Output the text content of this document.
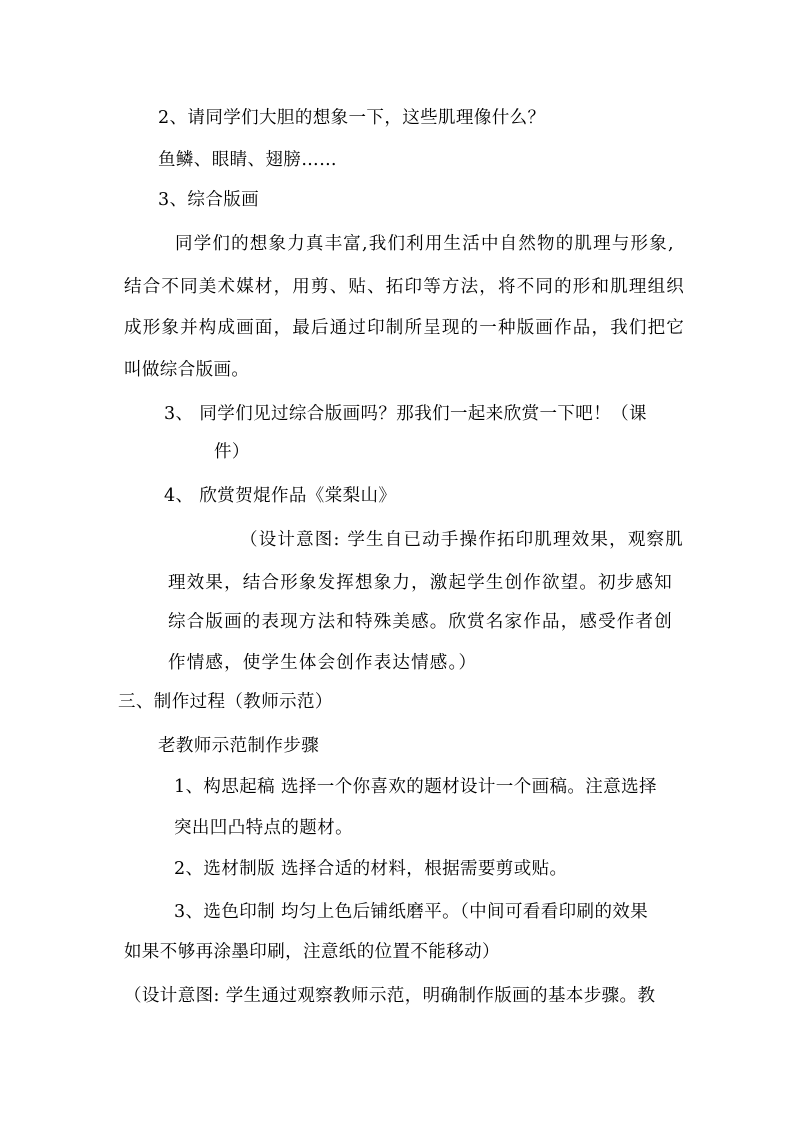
2、请同学们大胆的想象一下，这些肌理像什么？
鱼鳞、眼睛、翅膀……
3、综合版画
同学们的想象力真丰富,我们利用生活中自然物的肌理与形象,
结合不同美术媒材，用剪、贴、拓印等方法，将不同的形和肌理组织
成形象并构成画面，最后通过印制所呈现的一种版画作品，我们把它
叫做综合版画。
3、 同学们见过综合版画吗？那我们一起来欣赏一下吧！（课
件）
4、 欣赏贺焜作品《棠梨山》
（设计意图: 学生自已动手操作拓印肌理效果，观察肌
理效果，结合形象发挥想象力，激起学生创作欲望。初步感知
综合版画的表现方法和特殊美感。欣赏名家作品，感受作者创
作情感，使学生体会创作表达情感。）
三、制作过程（教师示范）
老教师示范制作步骤
1、构思起稿 选择一个你喜欢的题材设计一个画稿。注意选择
突出凹凸特点的题材。
2、选材制版 选择合适的材料，根据需要剪或贴。
3、选色印制 均匀上色后铺纸磨平。（中间可看看印刷的效果
如果不够再涂墨印刷，注意纸的位置不能移动）
（设计意图: 学生通过观察教师示范，明确制作版画的基本步骤。教
